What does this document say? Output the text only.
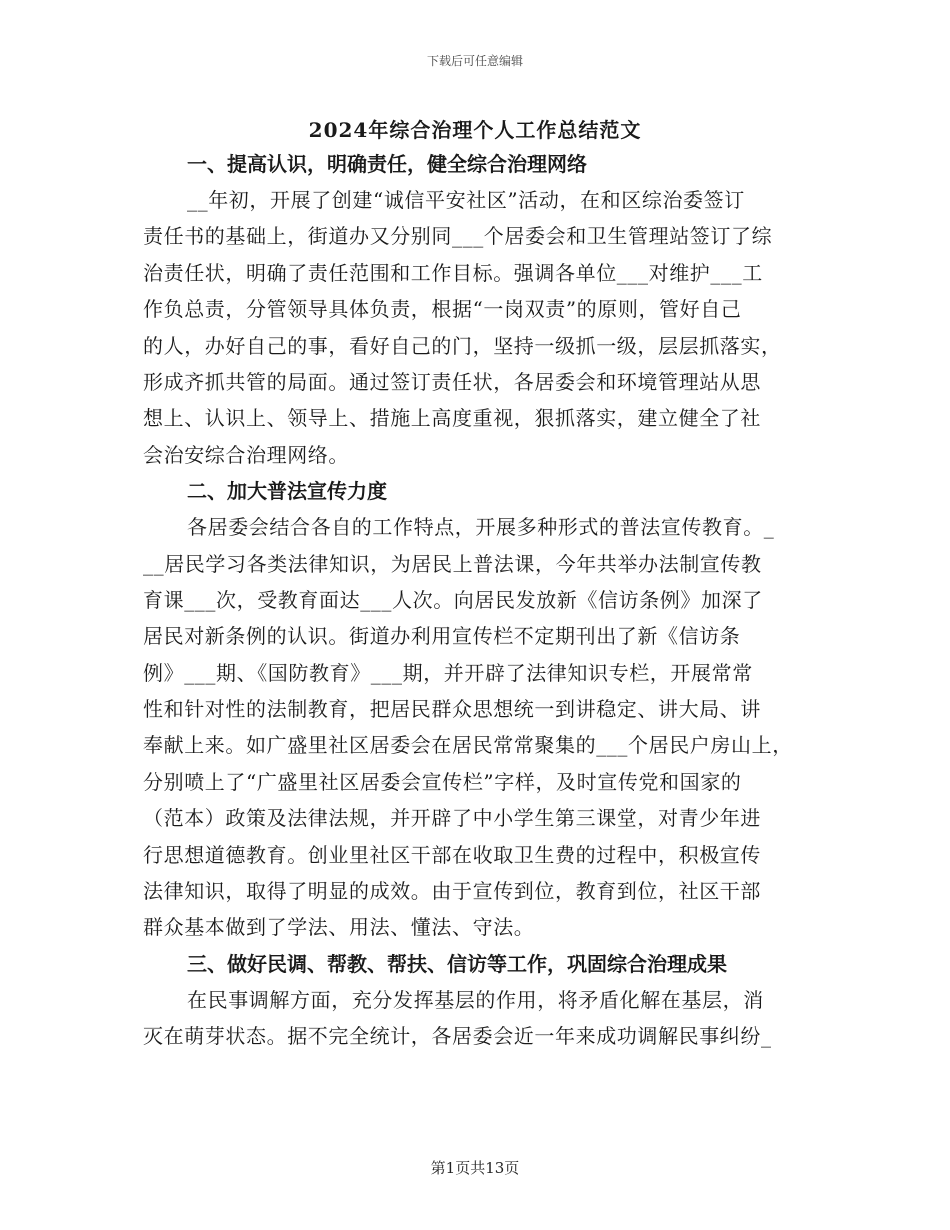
下载后可任意编辑
2024年综合治理个人工作总结范文
一、提高认识，明确责任，健全综合治理网络
__年初，开展了创建“诚信平安社区”活动，在和区综治委签订
责任书的基础上，街道办又分别同___个居委会和卫生管理站签订了综
治责任状，明确了责任范围和工作目标。强调各单位___对维护___工
作负总责，分管领导具体负责，根据“一岗双责”的原则，管好自己
的人，办好自己的事，看好自己的门，坚持一级抓一级，层层抓落实，
形成齐抓共管的局面。通过签订责任状，各居委会和环境管理站从思
想上、认识上、领导上、措施上高度重视，狠抓落实，建立健全了社
会治安综合治理网络。
二、加大普法宣传力度
各居委会结合各自的工作特点，开展多种形式的普法宣传教育。_
__居民学习各类法律知识，为居民上普法课，今年共举办法制宣传教
育课___次，受教育面达___人次。向居民发放新《信访条例》加深了
居民对新条例的认识。街道办利用宣传栏不定期刊出了新《信访条
例》___期、《国防教育》___期，并开辟了法律知识专栏，开展常常
性和针对性的法制教育，把居民群众思想统一到讲稳定、讲大局、讲
奉献上来。如广盛里社区居委会在居民常常聚集的___个居民户房山上，
分别喷上了“广盛里社区居委会宣传栏”字样，及时宣传党和国家的
（范本）政策及法律法规，并开辟了中小学生第三课堂，对青少年进
行思想道德教育。创业里社区干部在收取卫生费的过程中，积极宣传
法律知识，取得了明显的成效。由于宣传到位，教育到位，社区干部
群众基本做到了学法、用法、懂法、守法。
三、做好民调、帮教、帮扶、信访等工作，巩固综合治理成果
在民事调解方面，充分发挥基层的作用，将矛盾化解在基层，消
灭在萌芽状态。据不完全统计，各居委会近一年来成功调解民事纠纷_
第1页共13页
